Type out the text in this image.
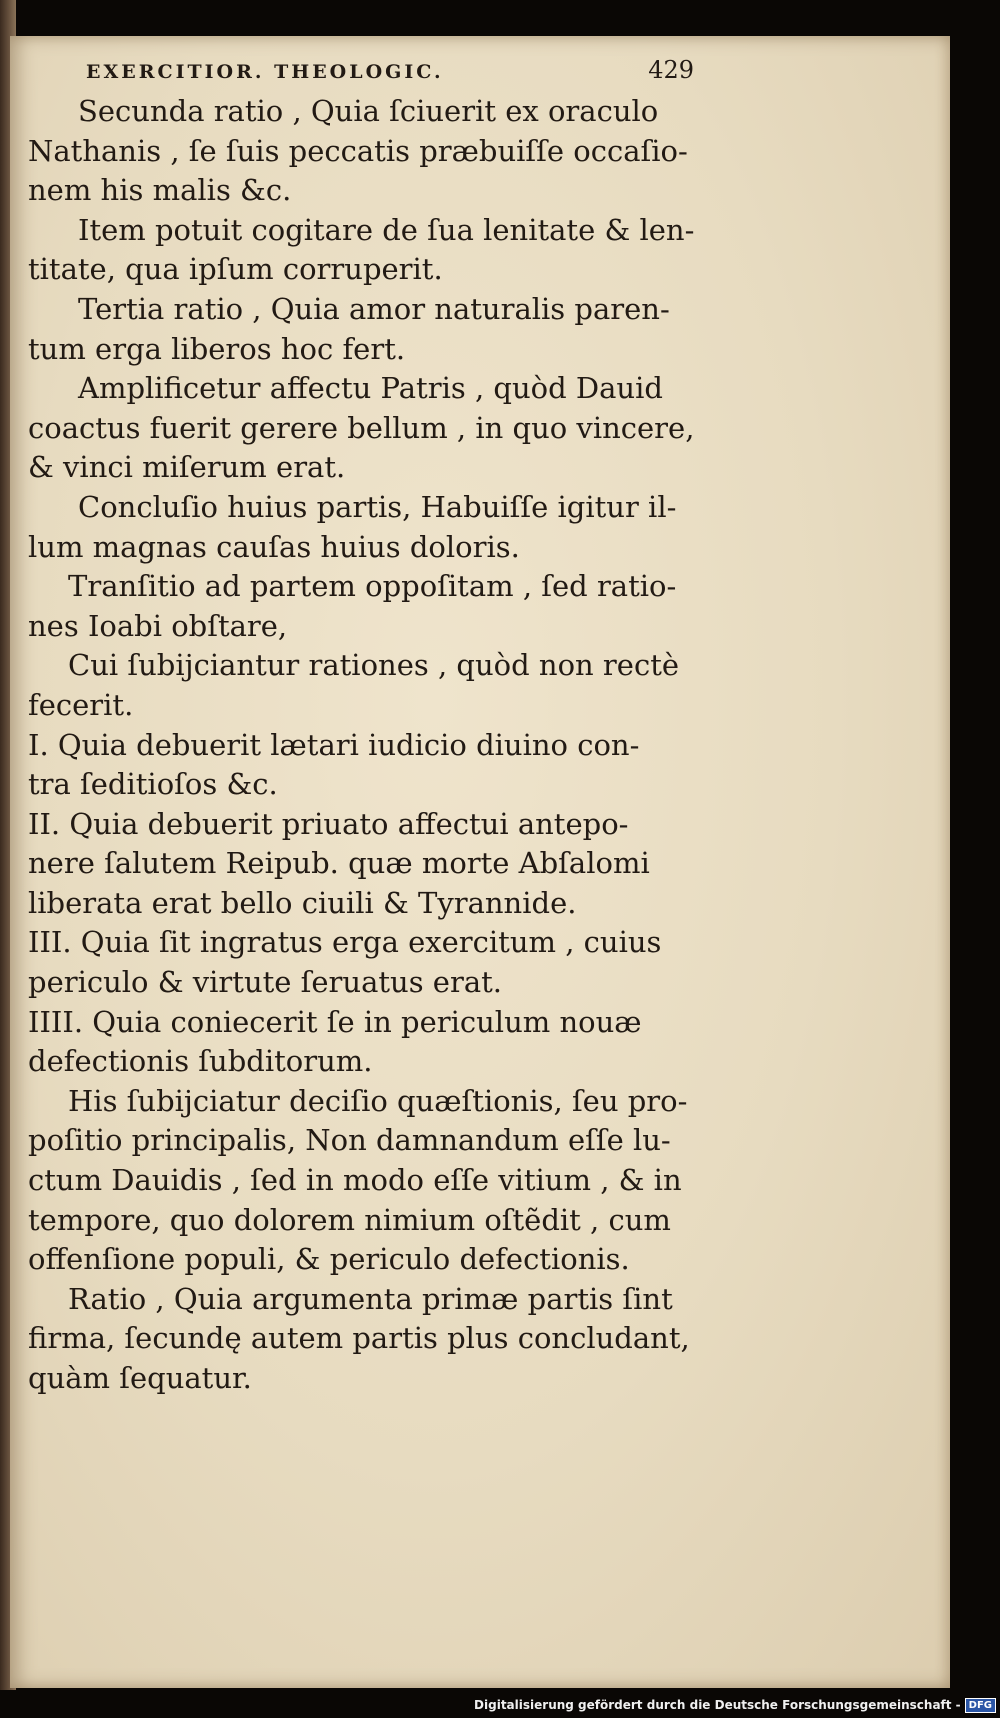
EXERCITIOR. THEOLOGIC.	429
Secunda ratio , Quia ſciuerit ex oraculo
Nathanis , ſe ſuis peccatis præbuiſſe occaſio-
nem his malis &c.
Item potuit cogitare de ſua lenitate & len-
titate, qua ipſum corruperit.
Tertia ratio , Quia amor naturalis paren-
tum erga liberos hoc fert.
Amplificetur affectu Patris , quòd Dauid
coactus fuerit gerere bellum , in quo vincere,
& vinci miſerum erat.
Concluſio huius partis, Habuiſſe igitur il-
lum magnas cauſas huius doloris.
Tranſitio ad partem oppoſitam , ſed ratio-
nes Ioabi obſtare,
Cui ſubijciantur rationes , quòd non rectè
fecerit.
I. Quia debuerit lætari iudicio diuino con-
tra ſeditioſos &c.
II. Quia debuerit priuato affectui antepo-
nere ſalutem Reipub. quæ morte Abſalomi
liberata erat bello ciuili & Tyrannide.
III. Quia ſit ingratus erga exercitum , cuius
periculo & virtute ſeruatus erat.
IIII. Quia coniecerit ſe in periculum nouæ
defectionis ſubditorum.
His ſubijciatur deciſio quæſtionis, ſeu pro-
poſitio principalis, Non damnandum eſſe lu-
ctum Dauidis , ſed in modo eſſe vitium , & in
tempore, quo dolorem nimium oſtẽdit , cum
offenſione populi, & periculo defectionis.
Ratio , Quia argumenta primæ partis ſint
firma, ſecundę autem partis plus concludant,
quàm ſequatur.
Digitalisierung gefördert durch die Deutsche Forschungsgemeinschaft - DFG
